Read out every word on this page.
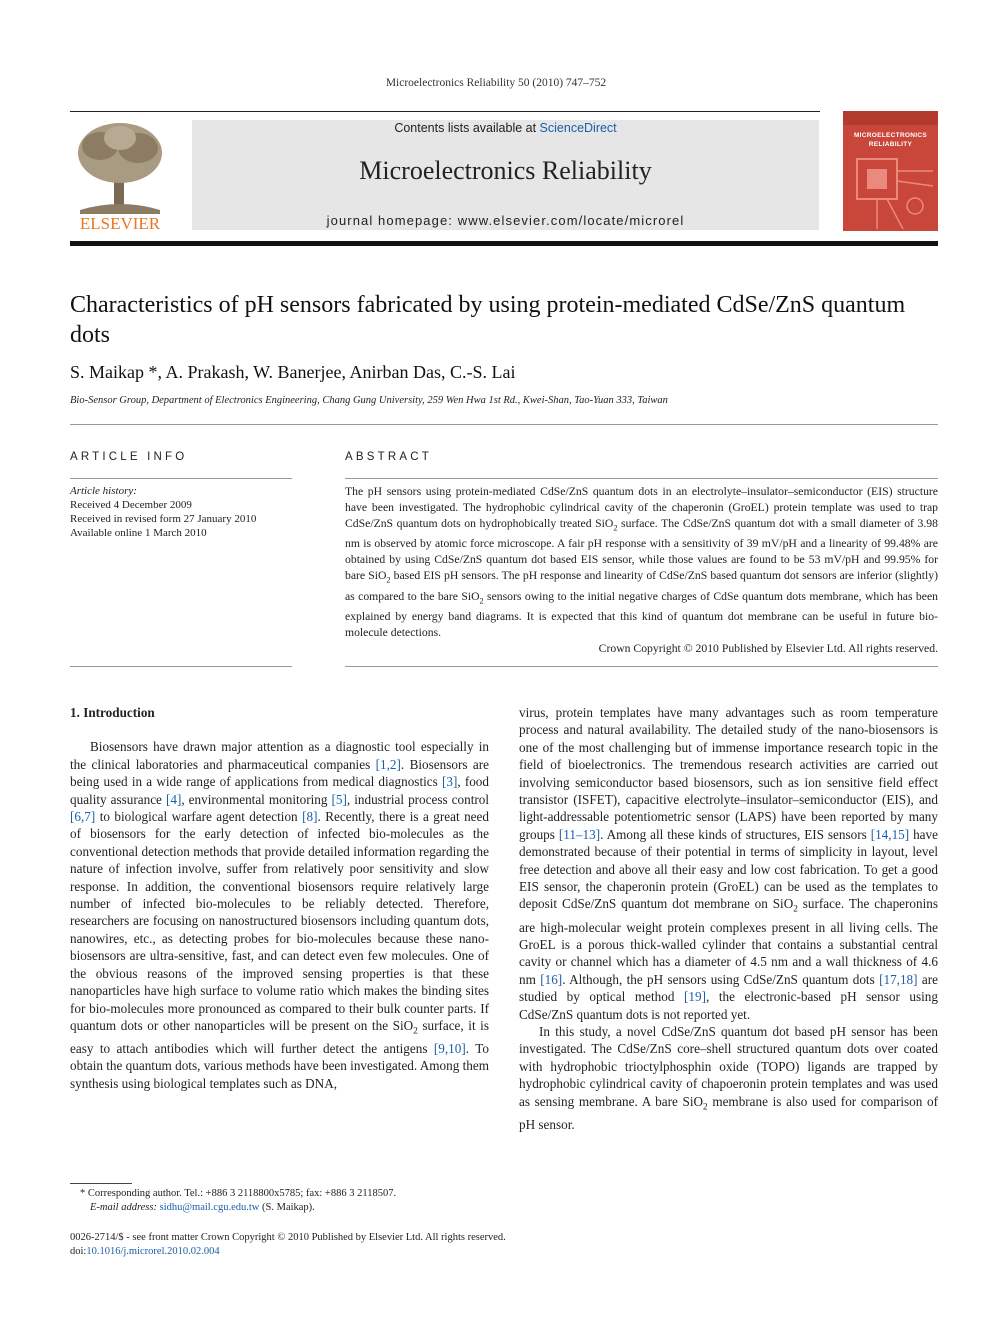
Microelectronics Reliability 50 (2010) 747–752
ELSEVIER
Contents lists available at ScienceDirect
Microelectronics Reliability
journal homepage: www.elsevier.com/locate/microrel
MICROELECTRONICS
RELIABILITY
Characteristics of pH sensors fabricated by using protein-mediated CdSe/ZnS quantum dots
S. Maikap *, A. Prakash, W. Banerjee, Anirban Das, C.-S. Lai
Bio-Sensor Group, Department of Electronics Engineering, Chang Gung University, 259 Wen Hwa 1st Rd., Kwei-Shan, Tao-Yuan 333, Taiwan
ARTICLE INFO	ABSTRACT
Article history:
Received 4 December 2009
Received in revised form 27 January 2010
Available online 1 March 2010
The pH sensors using protein-mediated CdSe/ZnS quantum dots in an electrolyte–insulator–semiconductor (EIS) structure have been investigated. The hydrophobic cylindrical cavity of the chaperonin (GroEL) protein template was used to trap CdSe/ZnS quantum dots on hydrophobically treated SiO$_2$ surface. The CdSe/ZnS quantum dot with a small diameter of 3.98 nm is observed by atomic force microscope. A fair pH response with a sensitivity of 39 mV/pH and a linearity of 99.48% are obtained by using CdSe/ZnS quantum dot based EIS sensor, while those values are found to be 53 mV/pH and 99.95% for bare SiO$_2$ based EIS pH sensors. The pH response and linearity of CdSe/ZnS based quantum dot sensors are inferior (slightly) as compared to the bare SiO$_2$ sensors owing to the initial negative charges of CdSe quantum dots membrane, which has been explained by energy band diagrams. It is expected that this kind of quantum dot membrane can be useful in future bio-molecule detections.
Crown Copyright © 2010 Published by Elsevier Ltd. All rights reserved.

1. Introduction

Biosensors have drawn major attention as a diagnostic tool especially in the clinical laboratories and pharmaceutical companies [1,2]. Biosensors are being used in a wide range of applications from medical diagnostics [3], food quality assurance [4], environmental monitoring [5], industrial process control [6,7] to biological warfare agent detection [8]. Recently, there is a great need of biosensors for the early detection of infected bio-molecules as the conventional detection methods that provide detailed information regarding the nature of infection involve, suffer from relatively poor sensitivity and slow response. In addition, the conventional biosensors require relatively large number of infected bio-molecules to be reliably detected. Therefore, researchers are focusing on nanostructured biosensors including quantum dots, nanowires, etc., as detecting probes for bio-molecules because these nano-biosensors are ultra-sensitive, fast, and can detect even few molecules. One of the obvious reasons of the improved sensing properties is that these nanoparticles have high surface to volume ratio which makes the binding sites for bio-molecules more pronounced as compared to their bulk counter parts. If quantum dots or other nanoparticles will be present on the SiO$_2$ surface, it is easy to attach antibodies which will further detect the antigens [9,10]. To obtain the quantum dots, various methods have been investigated. Among them synthesis using biological templates such as DNA,

virus, protein templates have many advantages such as room temperature process and natural availability. The detailed study of the nano-biosensors is one of the most challenging but of immense importance research topic in the field of bioelectronics. The tremendous research activities are carried out involving semiconductor based biosensors, such as ion sensitive field effect transistor (ISFET), capacitive electrolyte–insulator–semiconductor (EIS), and light-addressable potentiometric sensor (LAPS) have been reported by many groups [11–13]. Among all these kinds of structures, EIS sensors [14,15] have demonstrated because of their potential in terms of simplicity in layout, level free detection and above all their easy and low cost fabrication. To get a good EIS sensor, the chaperonin protein (GroEL) can be used as the templates to deposit CdSe/ZnS quantum dot membrane on SiO$_2$ surface. The chaperonins are high-molecular weight protein complexes present in all living cells. The GroEL is a porous thick-walled cylinder that contains a substantial central cavity or channel which has a diameter of 4.5 nm and a wall thickness of 4.6 nm [16]. Although, the pH sensors using CdSe/ZnS quantum dots [17,18] are studied by optical method [19], the electronic-based pH sensor using CdSe/ZnS quantum dots is not reported yet.

In this study, a novel CdSe/ZnS quantum dot based pH sensor has been investigated. The CdSe/ZnS core–shell structured quantum dots over coated with hydrophobic trioctylphosphin oxide (TOPO) ligands are trapped by hydrophobic cylindrical cavity of chapoeronin protein templates and was used as sensing membrane. A bare SiO$_2$ membrane is also used for comparison of pH sensor.

* Corresponding author. Tel.: +886 3 2118800x5785; fax: +886 3 2118507.
E-mail address: sidhu@mail.cgu.edu.tw (S. Maikap).
0026-2714/$ - see front matter Crown Copyright © 2010 Published by Elsevier Ltd. All rights reserved.
doi:10.1016/j.microrel.2010.02.004
